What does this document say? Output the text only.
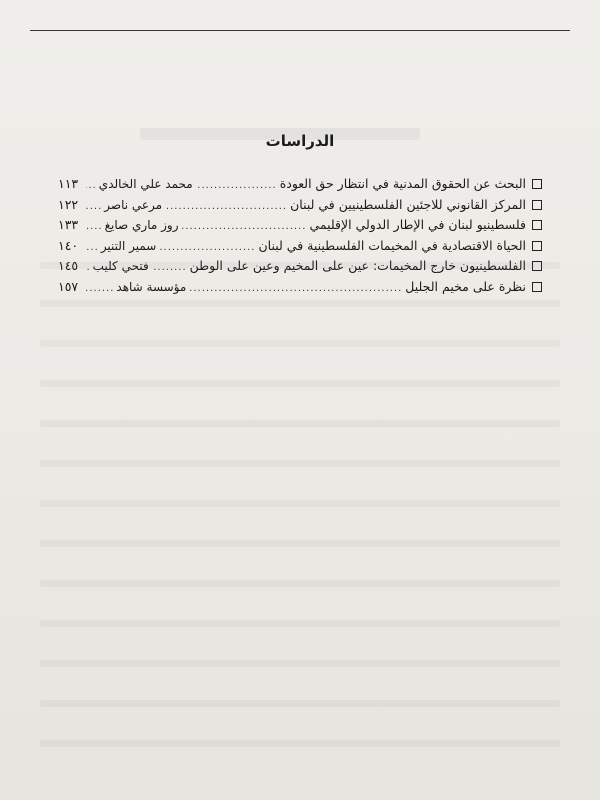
الدراسات
البحث عن الحقوق المدنية في انتظار حق العودة
.....
محمد علي الخالدي
.....
١١٣
المركز القانوني للاجئين الفلسطينيين في لبنان
.....
مرعي ناصر
.....
١٢٢
فلسطينيو لبنان في الإطار الدولي الإقليمي
.....
روز ماري صايغ
.....
١٣٣
الحياة الاقتصادية في المخيمات الفلسطينية في لبنان
.....
سمير التنير
.....
١٤٠
الفلسطينيون خارج المخيمات: عين على المخيم وعين على الوطن
.....
فتحي كليب
.....
١٤٥
نظرة على مخيم الجليل
.....
مؤسسة شاهد
.....
١٥٧
